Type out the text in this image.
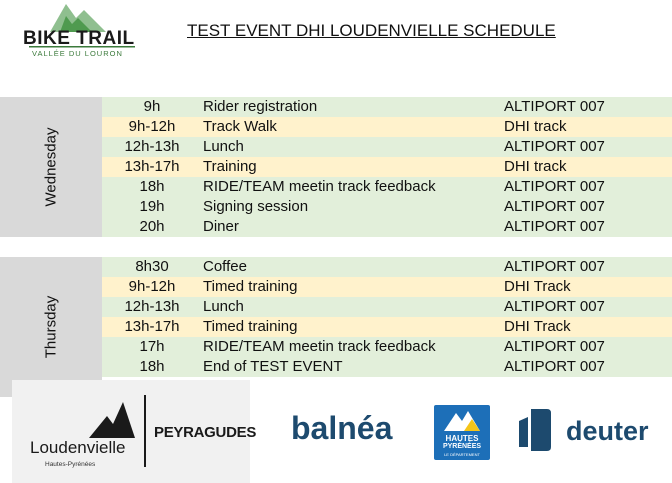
BIKE TRAIL
VALLÉE DU LOURON
TEST EVENT DHI LOUDENVIELLE SCHEDULE
Wednesday
9h	Rider registration	ALTIPORT 007
9h-12h	Track Walk	DHI track
12h-13h	Lunch	ALTIPORT 007
13h-17h	Training	DHI track
18h	RIDE/TEAM meetin track feedback	ALTIPORT 007
19h	Signing session	ALTIPORT 007
20h	Diner	ALTIPORT 007
Thursday
8h30	Coffee	ALTIPORT 007
9h-12h	Timed training	DHI Track
12h-13h	Lunch	ALTIPORT 007
13h-17h	Timed training	DHI Track
17h	RIDE/TEAM meetin track feedback	ALTIPORT 007
18h	End of TEST EVENT	ALTIPORT 007
Loudenvielle
Hautes-Pyrénées
PEYRAGUDES balnéa	HAUTES
PYRÉNÉES
LE DÉPARTEMENT
deuter
